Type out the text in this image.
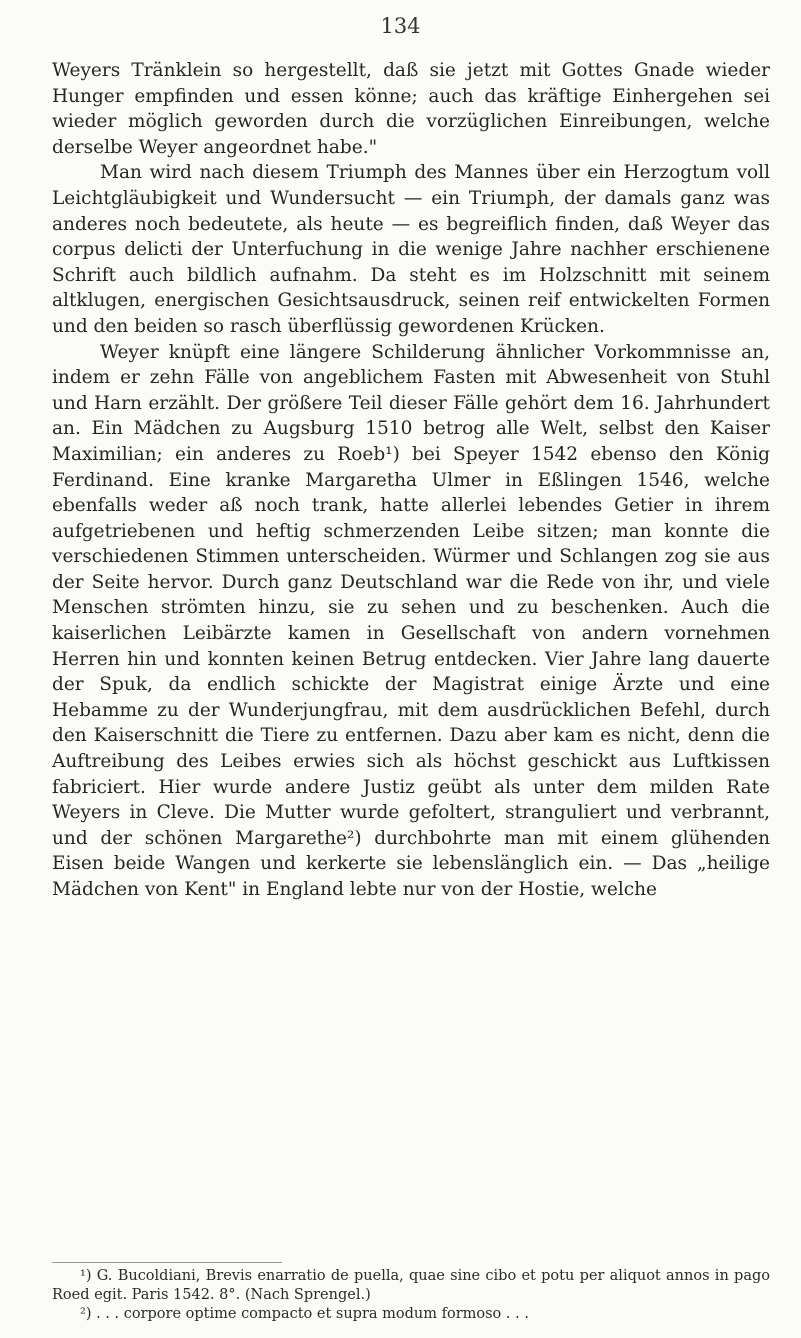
134

Weyers Tränklein so hergestellt, daß sie jetzt mit Gottes Gnade wieder Hunger empfinden und essen könne; auch das kräftige Einhergehen sei wieder möglich geworden durch die vorzüglichen Einreibungen, welche derselbe Weyer angeordnet habe."

Man wird nach diesem Triumph des Mannes über ein Herzogtum voll Leichtgläubigkeit und Wundersucht — ein Triumph, der damals ganz was anderes noch bedeutete, als heute — es begreiflich finden, daß Weyer das corpus delicti der Unterfuchung in die wenige Jahre nachher erschienene Schrift auch bildlich aufnahm. Da steht es im Holzschnitt mit seinem altklugen, energischen Gesichtsausdruck, seinen reif entwickelten Formen und den beiden so rasch überflüssig gewordenen Krücken.

Weyer knüpft eine längere Schilderung ähnlicher Vorkommnisse an, indem er zehn Fälle von angeblichem Fasten mit Abwesenheit von Stuhl und Harn erzählt. Der größere Teil dieser Fälle gehört dem 16. Jahrhundert an. Ein Mädchen zu Augsburg 1510 betrog alle Welt, selbst den Kaiser Maximilian; ein anderes zu Roeb¹) bei Speyer 1542 ebenso den König Ferdinand. Eine kranke Margaretha Ulmer in Eßlingen 1546, welche ebenfalls weder aß noch trank, hatte allerlei lebendes Getier in ihrem aufgetriebenen und heftig schmerzenden Leibe sitzen; man konnte die verschiedenen Stimmen unterscheiden. Würmer und Schlangen zog sie aus der Seite hervor. Durch ganz Deutschland war die Rede von ihr, und viele Menschen strömten hinzu, sie zu sehen und zu beschenken. Auch die kaiserlichen Leibärzte kamen in Gesellschaft von andern vornehmen Herren hin und konnten keinen Betrug entdecken. Vier Jahre lang dauerte der Spuk, da endlich schickte der Magistrat einige Ärzte und eine Hebamme zu der Wunderjungfrau, mit dem ausdrücklichen Befehl, durch den Kaiserschnitt die Tiere zu entfernen. Dazu aber kam es nicht, denn die Auftreibung des Leibes erwies sich als höchst geschickt aus Luftkissen fabriciert. Hier wurde andere Justiz geübt als unter dem milden Rate Weyers in Cleve. Die Mutter wurde gefoltert, stranguliert und verbrannt, und der schönen Margarethe²) durchbohrte man mit einem glühenden Eisen beide Wangen und kerkerte sie lebenslänglich ein. — Das „heilige Mädchen von Kent" in England lebte nur von der Hostie, welche

¹) G. Bucoldiani, Brevis enarratio de puella, quae sine cibo et potu per aliquot annos in pago Roed egit. Paris 1542. 8°. (Nach Sprengel.)

²) . . . corpore optime compacto et supra modum formoso . . .
